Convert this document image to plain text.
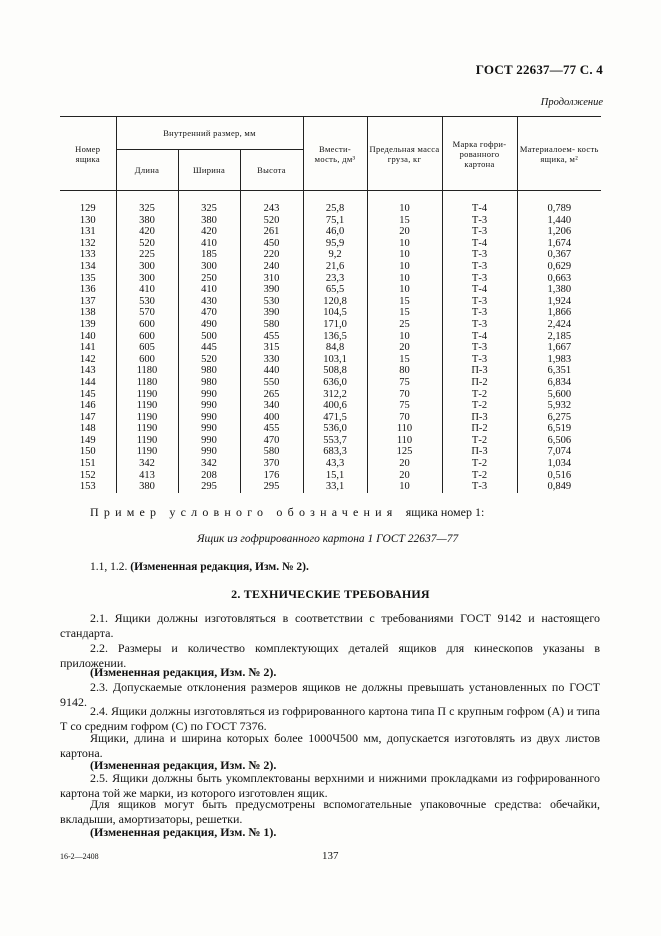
ГОСТ 22637—77 С. 4
Продолжение
Номер ящика	Внутренний размер, мм			Вмести- мость, дм³	Предельная масса груза, кг	Марка гофри- рованного картона	Материалоем- кость ящика, м²
	Длина	Ширина	Высота				

129	325	325	243	25,8	10	Т-4	0,789
130	380	380	520	75,1	15	Т-3	1,440
131	420	420	261	46,0	20	Т-3	1,206
132	520	410	450	95,9	10	Т-4	1,674
133	225	185	220	9,2	10	Т-3	0,367
134	300	300	240	21,6	10	Т-3	0,629
135	300	250	310	23,3	10	Т-3	0,663
136	410	410	390	65,5	10	Т-4	1,380
137	530	430	530	120,8	15	Т-3	1,924
138	570	470	390	104,5	15	Т-3	1,866
139	600	490	580	171,0	25	Т-3	2,424
140	600	500	455	136,5	10	Т-4	2,185
141	605	445	315	84,8	20	Т-3	1,667
142	600	520	330	103,1	15	Т-3	1,983
143	1180	980	440	508,8	80	П-3	6,351
144	1180	980	550	636,0	75	П-2	6,834
145	1190	990	265	312,2	70	Т-2	5,600
146	1190	990	340	400,6	75	Т-2	5,932
147	1190	990	400	471,5	70	П-3	6,275
148	1190	990	455	536,0	110	П-2	6,519
149	1190	990	470	553,7	110	Т-2	6,506
150	1190	990	580	683,3	125	П-3	7,074
151	342	342	370	43,3	20	Т-2	1,034
152	413	208	176	15,1	20	Т-2	0,516
153	380	295	295	33,1	10	Т-3	0,849
Пример условного обозначения ящика номер 1:
Ящик из гофрированного картона 1 ГОСТ 22637—77
1.1, 1.2. (Измененная редакция, Изм. № 2).
2. ТЕХНИЧЕСКИЕ ТРЕБОВАНИЯ

2.1. Ящики должны изготовляться в соответствии с требованиями ГОСТ 9142 и настоящего стандарта.

2.2. Размеры и количество комплектующих деталей ящиков для кинескопов указаны в приложении.

(Измененная редакция, Изм. № 2).

2.3. Допускаемые отклонения размеров ящиков не должны превышать установленных по ГОСТ 9142.

2.4. Ящики должны изготовляться из гофрированного картона типа П с крупным гофром (А) и типа Т со средним гофром (С) по ГОСТ 7376.

Ящики, длина и ширина которых более 1000Ч500 мм, допускается изготовлять из двух листов картона.

(Измененная редакция, Изм. № 2).

2.5. Ящики должны быть укомплектованы верхними и нижними прокладками из гофрированного картона той же марки, из которого изготовлен ящик.

Для ящиков могут быть предусмотрены вспомогательные упаковочные средства: обечайки, вкладыши, амортизаторы, решетки.

(Измененная редакция, Изм. № 1).

16-2—2408	137
